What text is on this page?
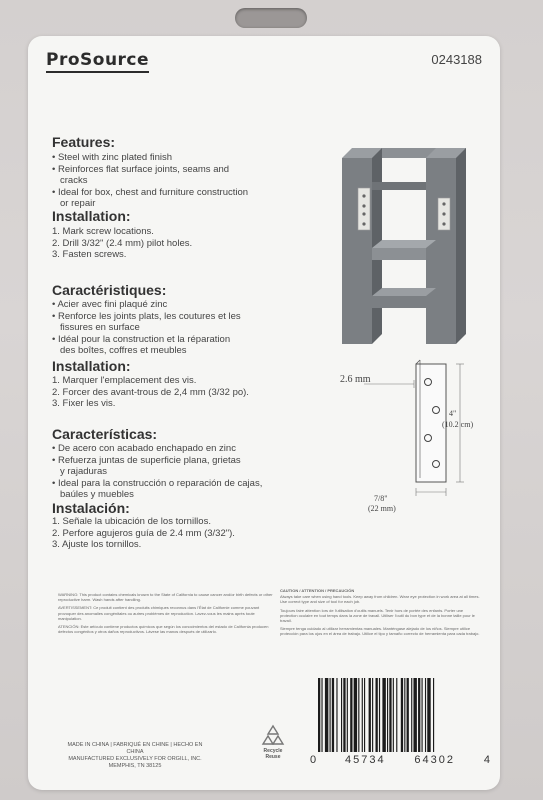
ProSource	0243188
Features:
• Steel with zinc plated finish
• Reinforces flat surface joints, seams and
cracks
• Ideal for box, chest and furniture construction
or repair
Installation:
1. Mark screw locations.
2. Drill 3/32" (2.4 mm) pilot holes.
3. Fasten screws.
Caractéristiques:
• Acier avec fini plaqué zinc
• Renforce les joints plats, les coutures et les
fissures en surface
• Idéal pour la construction et la réparation
des boîtes, coffres et meubles
Installation:
1. Marquer l'emplacement des vis.
2. Forcer des avant-trous de 2,4 mm (3/32 po).
3. Fixer les vis.
Características:
• De acero con acabado enchapado en zinc
• Refuerza juntas de superficie plana, grietas
y rajaduras
• Ideal para la construcción o reparación de cajas,
baúles y muebles
Instalación:
1. Señale la ubicación de los tornillos.
2. Perfore agujeros guía de 2.4 mm (3/32").
3. Ajuste los tornillos.
2.6 mm
4"
(10.2 cm)
7/8"
(22 mm)

WARNING: This product contains chemicals known to the State of California to cause cancer and/or birth defects or other reproductive harm. Wash hands after handling.

AVERTISSEMENT: Ce produit contient des produits chimiques reconnus dans l'État de Californie comme pouvant provoquer des anomalies congénitales ou autres problèmes de reproduction. Lavez-vous les mains après toute manipulation.

ATENCIÓN: Este artículo contiene productos químicos que según los conocimientos del estado de California producen defectos congénitos y otros daños reproductivos. Lávese las manos después de utilizarlo.

CAUTION / ATTENTION / PRECAUCIÓN

Always take care when using hand tools. Keep away from children. Wear eye protection in work area at all times. Use correct type and size of tool for each job.

Toujours faire attention lors de l'utilisation d'outils manuels. Tenir hors de portée des enfants. Porter une protection oculaire en tout temps dans la zone de travail. Utiliser l'outil du bon type et de la bonne taille pour le travail.

Siempre tenga cuidado al utilizar herramientas manuales. Manténgase alejado de los niños. Siempre utilice protección para los ojos en el área de trabajo. Utilice el tipo y tamaño correcto de herramienta para cada trabajo.

MADE IN CHINA | FABRIQUÉ EN CHINE | HECHO EN CHINA
MANUFACTURED EXCLUSIVELY FOR ORGILL, INC.
MEMPHIS, TN 38125
Recycle
Reuse	0	45734	64302	4
